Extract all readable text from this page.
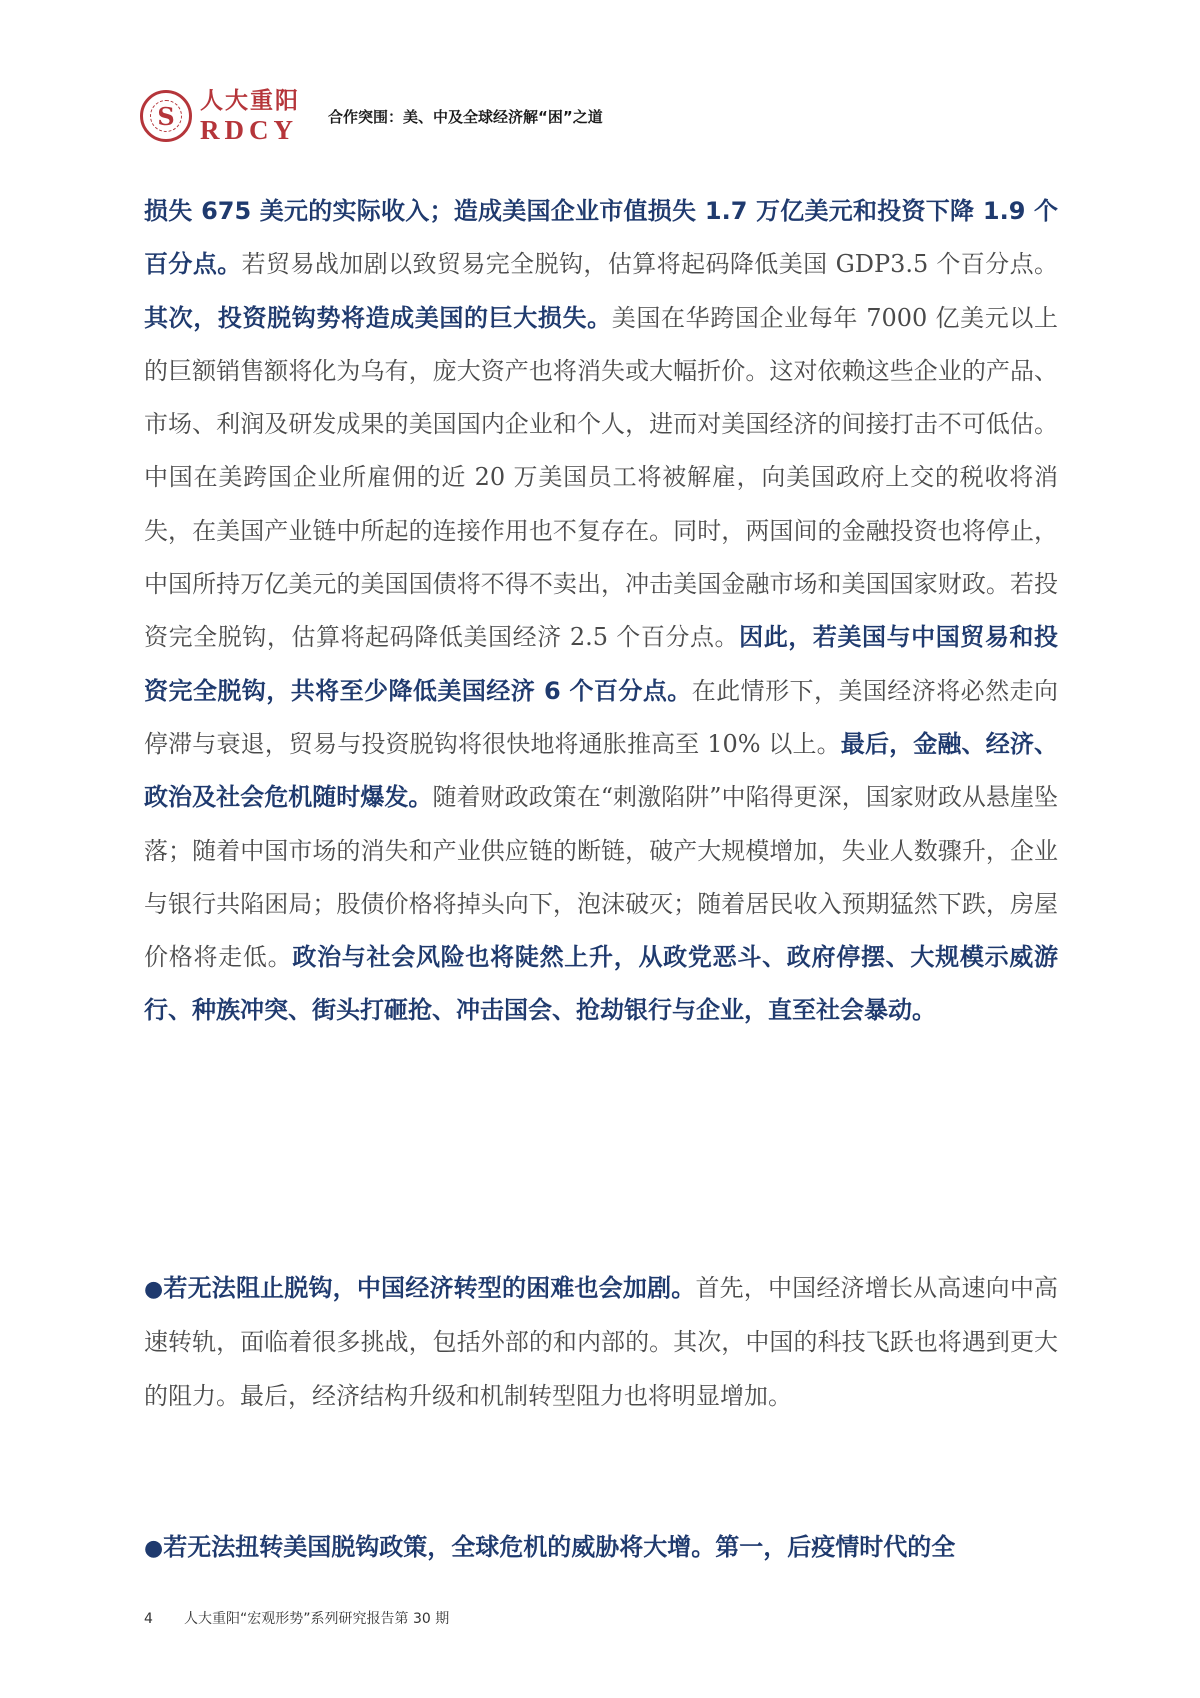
S
人大重阳
RDCY 合作突围：美、中及全球经济解“困”之道

损失 675 美元的实际收入；造成美国企业市值损失 1.7 万亿美元和投资下降 1.9 个百分点。若贸易战加剧以致贸易完全脱钩，估算将起码降低美国 GDP3.5 个百分点。其次，投资脱钩势将造成美国的巨大损失。美国在华跨国企业每年 7000 亿美元以上的巨额销售额将化为乌有，庞大资产也将消失或大幅折价。这对依赖这些企业的产品、市场、利润及研发成果的美国国内企业和个人，进而对美国经济的间接打击不可低估。中国在美跨国企业所雇佣的近 20 万美国员工将被解雇，向美国政府上交的税收将消失，在美国产业链中所起的连接作用也不复存在。同时，两国间的金融投资也将停止，中国所持万亿美元的美国国债将不得不卖出，冲击美国金融市场和美国国家财政。若投资完全脱钩，估算将起码降低美国经济 2.5 个百分点。因此，若美国与中国贸易和投资完全脱钩，共将至少降低美国经济 6 个百分点。在此情形下，美国经济将必然走向停滞与衰退，贸易与投资脱钩将很快地将通胀推高至 10% 以上。最后，金融、经济、政治及社会危机随时爆发。随着财政政策在“刺激陷阱”中陷得更深，国家财政从悬崖坠落；随着中国市场的消失和产业供应链的断链，破产大规模增加，失业人数骤升，企业与银行共陷困局；股债价格将掉头向下，泡沫破灭；随着居民收入预期猛然下跌，房屋价格将走低。政治与社会风险也将陡然上升，从政党恶斗、政府停摆、大规模示威游行、种族冲突、街头打砸抢、冲击国会、抢劫银行与企业，直至社会暴动。

●若无法阻止脱钩，中国经济转型的困难也会加剧。首先，中国经济增长从高速向中高速转轨，面临着很多挑战，包括外部的和内部的。其次，中国的科技飞跃也将遇到更大的阻力。最后，经济结构升级和机制转型阻力也将明显增加。

●若无法扭转美国脱钩政策，全球危机的威胁将大增。第一，后疫情时代的全

4 人大重阳“宏观形势”系列研究报告第 30 期
